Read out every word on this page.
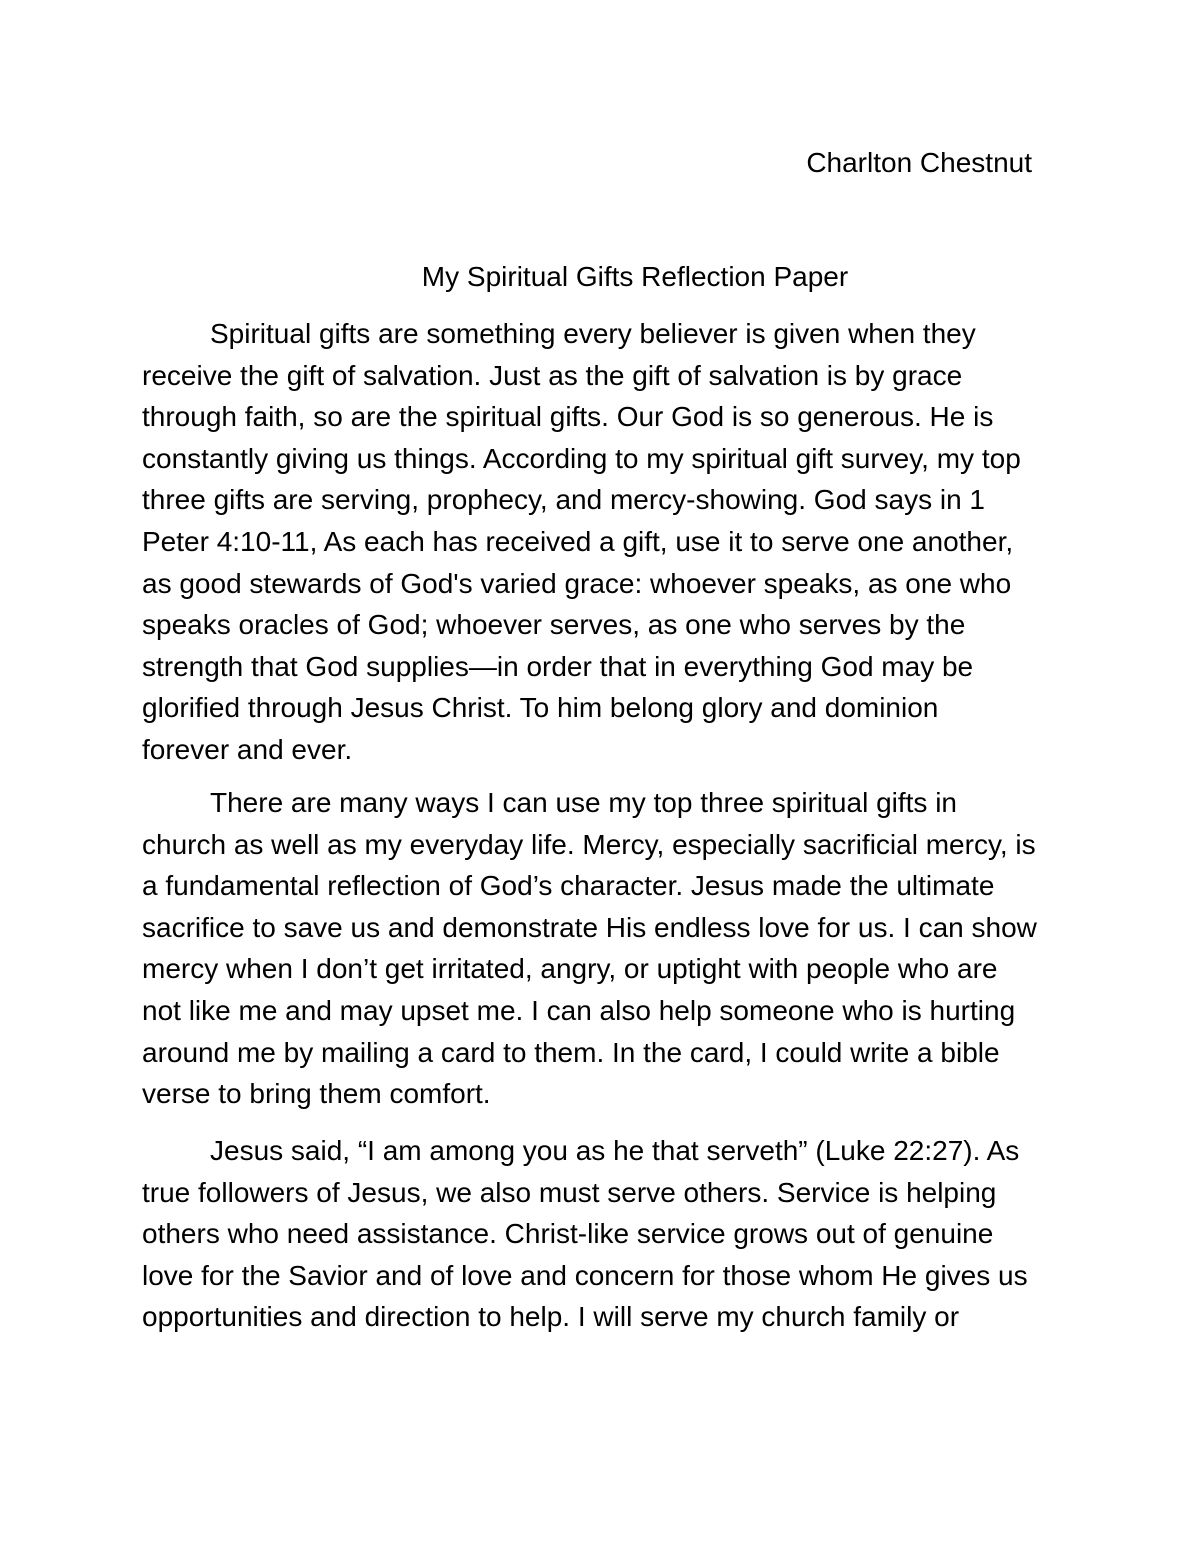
Charlton Chestnut
My Spiritual Gifts Reflection Paper

Spiritual gifts are something every believer is given when they
receive the gift of salvation. Just as the gift of salvation is by grace
through faith, so are the spiritual gifts. Our God is so generous. He is
constantly giving us things. According to my spiritual gift survey, my top
three gifts are serving, prophecy, and mercy-showing. God says in 1
Peter 4:10-11, As each has received a gift, use it to serve one another,
as good stewards of God's varied grace: whoever speaks, as one who
speaks oracles of God; whoever serves, as one who serves by the
strength that God supplies—in order that in everything God may be
glorified through Jesus Christ. To him belong glory and dominion
forever and ever.

There are many ways I can use my top three spiritual gifts in
church as well as my everyday life. Mercy, especially sacrificial mercy, is
a fundamental reflection of God’s character. Jesus made the ultimate
sacrifice to save us and demonstrate His endless love for us. I can show
mercy when I don’t get irritated, angry, or uptight with people who are
not like me and may upset me. I can also help someone who is hurting
around me by mailing a card to them. In the card, I could write a bible
verse to bring them comfort.

Jesus said, “I am among you as he that serveth” (Luke 22:27). As
true followers of Jesus, we also must serve others. Service is helping
others who need assistance. Christ-like service grows out of genuine
love for the Savior and of love and concern for those whom He gives us
opportunities and direction to help. I will serve my church family or
